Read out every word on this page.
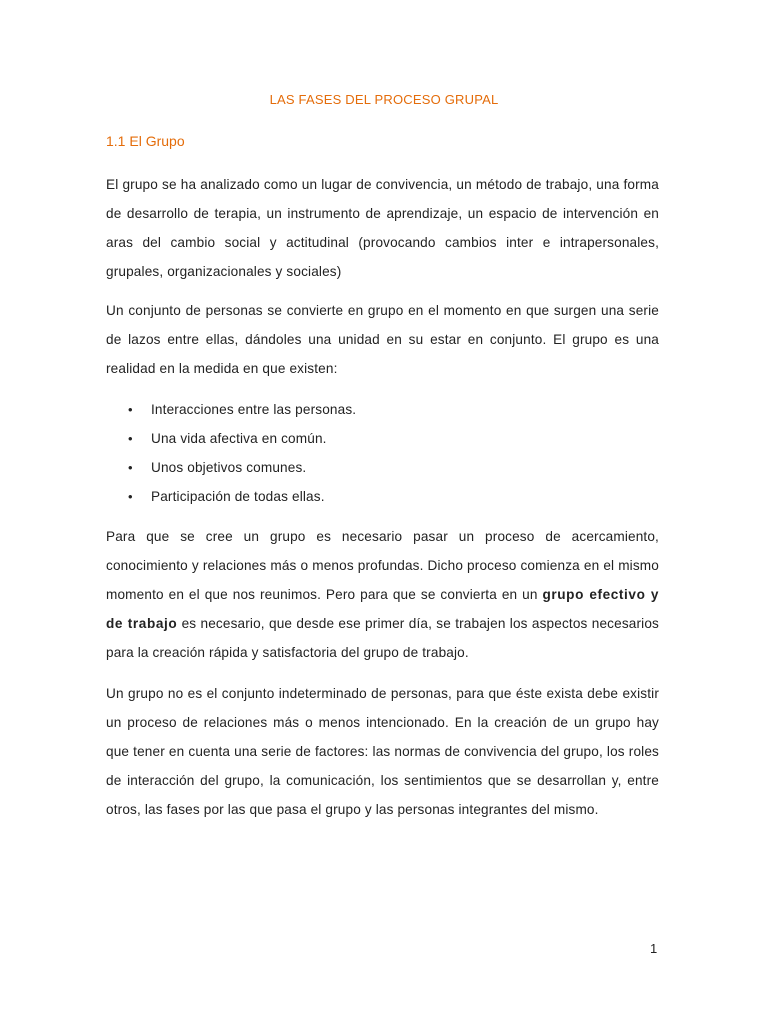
LAS FASES DEL PROCESO GRUPAL
1.1 El Grupo

El grupo se ha analizado como un lugar de convivencia, un método de trabajo, una forma de desarrollo de terapia, un instrumento de aprendizaje, un espacio de intervención en aras del cambio social y actitudinal (provocando cambios inter e intrapersonales, grupales, organizacionales y sociales)

Un conjunto de personas se convierte en grupo en el momento en que surgen una serie de lazos entre ellas, dándoles una unidad en su estar en conjunto. El grupo es una realidad en la medida en que existen:

• Interacciones entre las personas.
• Una vida afectiva en común.
• Unos objetivos comunes.
• Participación de todas ellas.

Para que se cree un grupo es necesario pasar un proceso de acercamiento, conocimiento y relaciones más o menos profundas. Dicho proceso comienza en el mismo momento en el que nos reunimos. Pero para que se convierta en un grupo efectivo y de trabajo es necesario, que desde ese primer día, se trabajen los aspectos necesarios para la creación rápida y satisfactoria del grupo de trabajo.

Un grupo no es el conjunto indeterminado de personas, para que éste exista debe existir un proceso de relaciones más o menos intencionado. En la creación de un grupo hay que tener en cuenta una serie de factores: las normas de convivencia del grupo, los roles de interacción del grupo, la comunicación, los sentimientos que se desarrollan y, entre otros, las fases por las que pasa el grupo y las personas integrantes del mismo.

1
